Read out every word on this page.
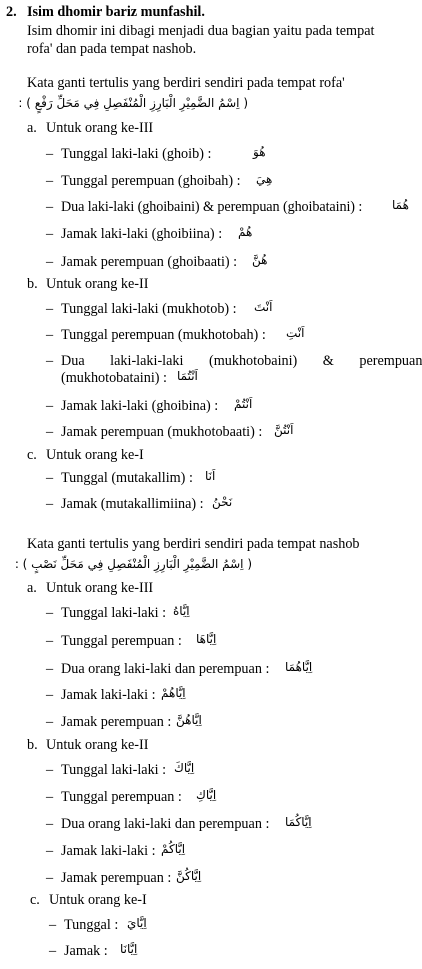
2. Isim dhomir bariz munfashil.
Isim dhomir ini dibagi menjadi dua bagian yaitu pada tempat
rofa' dan pada tempat nashob.
Kata ganti tertulis yang berdiri sendiri pada tempat rofa'
( اِسْمُ الضَّمِيْرِ الْبَارِزِ الْمُنْفَصِلِ فِي مَحَلِّ رَفْعٍ ) :
a. Untuk orang ke-III
– Tunggal laki-laki (ghoib) :	هُوَ
– Tunggal perempuan (ghoibah) : هِيَ
– Dua laki-laki (ghoibaini) & perempuan (ghoibataini) : هُمَا
– Jamak laki-laki (ghoibiina) : هُمْ
– Jamak perempuan (ghoibaati) : هُنَّ
b. Untuk orang ke-II
– Tunggal laki-laki (mukhotob) : اَنْتَ
– Tunggal perempuan (mukhotobah) : اَنْتِ
– Dua laki-laki-laki (mukhotobaini) & perempuan
(mukhotobataini) : اَنْتُمَا
– Jamak laki-laki (ghoibina) : اَنْتُمْ
– Jamak perempuan (mukhotobaati) : اَنْتُنَّ
c. Untuk orang ke-I
– Tunggal (mutakallim) : اَنَا
– Jamak (mutakallimiina) : نَحْنُ
Kata ganti tertulis yang berdiri sendiri pada tempat nashob
( اِسْمُ الضَّمِيْرِ الْبَارِزِ الْمُنْفَصِلِ فِي مَحَلِّ نَصْبٍ ) :
a. Untuk orang ke-III
– Tunggal laki-laki : اِيَّاهُ
– Tunggal perempuan : اِيَّاهَا
– Dua orang laki-laki dan perempuan : اِيَّاهُمَا
– Jamak laki-laki : اِيَّاهُمْ
– Jamak perempuan : اِيَّاهُنَّ
b. Untuk orang ke-II
– Tunggal laki-laki : اِيَّاكَ
– Tunggal perempuan : اِيَّاكِ
– Dua orang laki-laki dan perempuan : اِيَّاكُمَا
– Jamak laki-laki : اِيَّاكُمْ
– Jamak perempuan : اِيَّاكُنَّ
c. Untuk orang ke-I
– Tunggal : اِيَّايَ
– Jamak : اِيَّانَا
